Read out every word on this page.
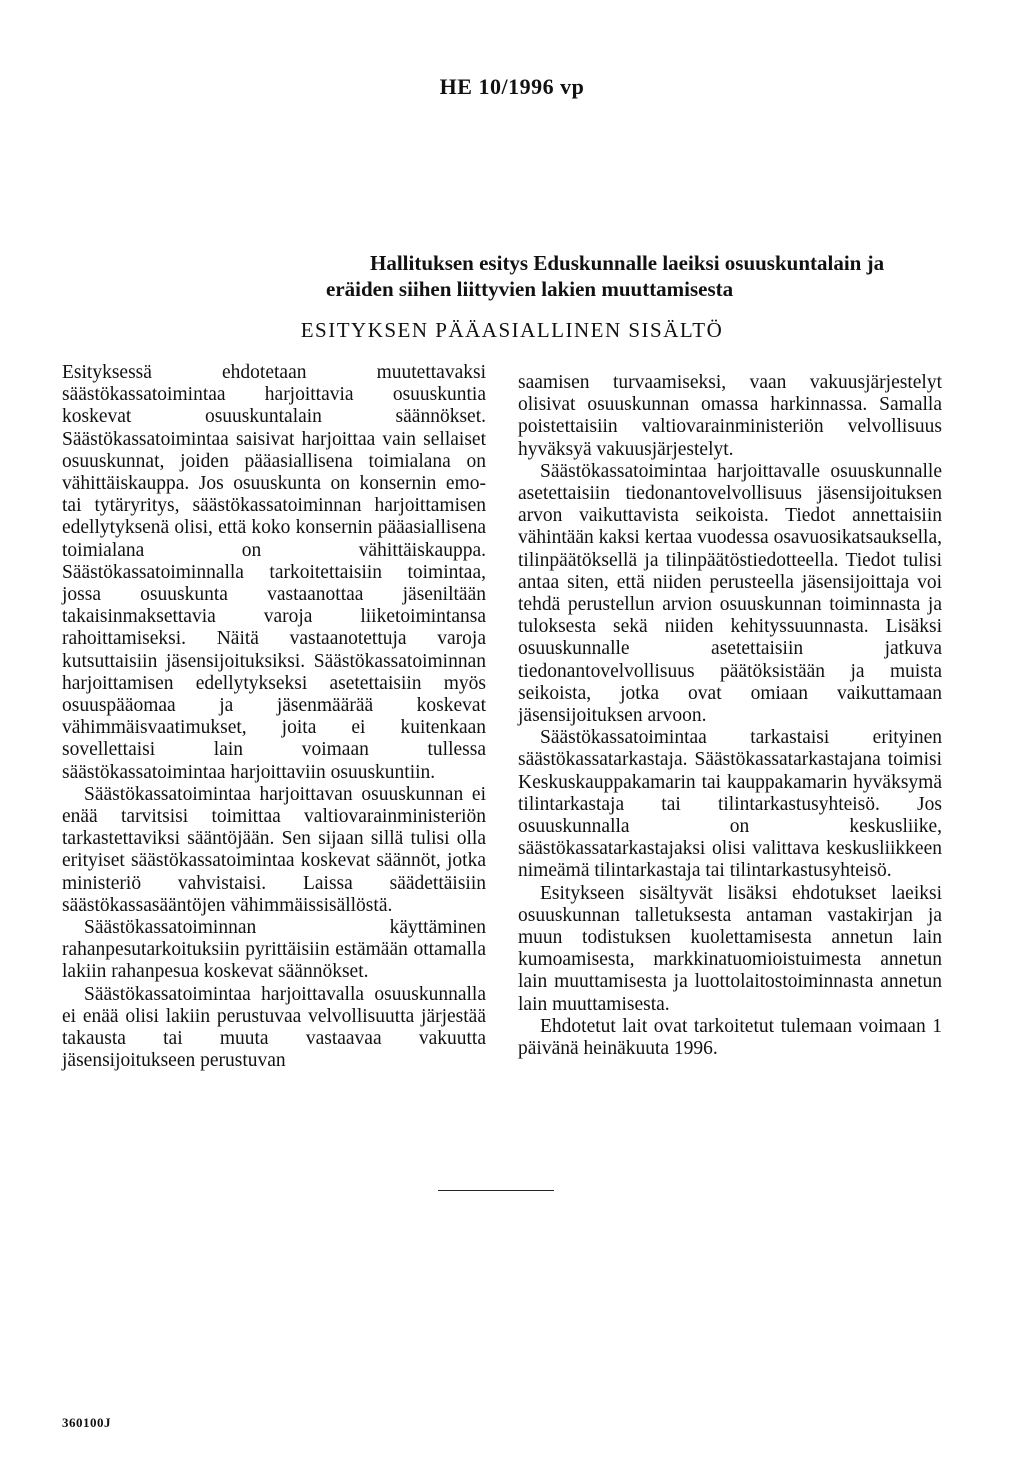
HE 10/1996 vp
Hallituksen esitys Eduskunnalle laeiksi osuuskuntalain ja
eräiden siihen liittyvien lakien muuttamisesta
ESITYKSEN PÄÄASIALLINEN SISÄLTÖ

Esityksessä ehdotetaan muutettavaksi säästökassatoimintaa harjoittavia osuuskuntia koskevat osuuskuntalain säännökset. Säästökassatoimintaa saisivat harjoittaa vain sellaiset osuuskunnat, joiden pääasiallisena toimialana on vähittäiskauppa. Jos osuuskunta on konsernin emo- tai tytäryritys, säästökassatoiminnan harjoittamisen edellytyksenä olisi, että koko konsernin pääasiallisena toimialana on vähittäiskauppa. Säästökassatoiminnalla tarkoitettaisiin toimintaa, jossa osuuskunta vastaanottaa jäseniltään takaisinmaksettavia varoja liiketoimintansa rahoittamiseksi. Näitä vastaanotettuja varoja kutsuttaisiin jäsensijoituksiksi. Säästökassatoiminnan harjoittamisen edellytykseksi asetettaisiin myös osuuspääomaa ja jäsenmäärää koskevat vähimmäisvaatimukset, joita ei kuitenkaan sovellettaisi lain voimaan tullessa säästökassatoimintaa harjoittaviin osuuskuntiin.

Säästökassatoimintaa harjoittavan osuuskunnan ei enää tarvitsisi toimittaa valtiovarainministeriön tarkastettaviksi sääntöjään. Sen sijaan sillä tulisi olla erityiset säästökassatoimintaa koskevat säännöt, jotka ministeriö vahvistaisi. Laissa säädettäisiin säästökassasääntöjen vähimmäissisällöstä.

Säästökassatoiminnan käyttäminen rahanpesutarkoituksiin pyrittäisiin estämään ottamalla lakiin rahanpesua koskevat säännökset.

Säästökassatoimintaa harjoittavalla osuuskunnalla ei enää olisi lakiin perustuvaa velvollisuutta järjestää takausta tai muuta vastaavaa vakuutta jäsensijoitukseen perustuvan

saamisen turvaamiseksi, vaan vakuusjärjestelyt olisivat osuuskunnan omassa harkinnassa. Samalla poistettaisiin valtiovarainministeriön velvollisuus hyväksyä vakuusjärjestelyt.

Säästökassatoimintaa harjoittavalle osuuskunnalle asetettaisiin tiedonantovelvollisuus jäsensijoituksen arvon vaikuttavista seikoista. Tiedot annettaisiin vähintään kaksi kertaa vuodessa osavuosikatsauksella, tilinpäätöksellä ja tilinpäätöstiedotteella. Tiedot tulisi antaa siten, että niiden perusteella jäsensijoittaja voi tehdä perustellun arvion osuuskunnan toiminnasta ja tuloksesta sekä niiden kehityssuunnasta. Lisäksi osuuskunnalle asetettaisiin jatkuva tiedonantovelvollisuus päätöksistään ja muista seikoista, jotka ovat omiaan vaikuttamaan jäsensijoituksen arvoon.

Säästökassatoimintaa tarkastaisi erityinen säästökassatarkastaja. Säästökassatarkastajana toimisi Keskuskauppakamarin tai kauppakamarin hyväksymä tilintarkastaja tai tilintarkastusyhteisö. Jos osuuskunnalla on keskusliike, säästökassatarkastajaksi olisi valittava keskusliikkeen nimeämä tilintarkastaja tai tilintarkastusyhteisö.

Esitykseen sisältyvät lisäksi ehdotukset laeiksi osuuskunnan talletuksesta antaman vastakirjan ja muun todistuksen kuolettamisesta annetun lain kumoamisesta, markkinatuomioistuimesta annetun lain muuttamisesta ja luottolaitostoiminnasta annetun lain muuttamisesta.

Ehdotetut lait ovat tarkoitetut tulemaan voimaan 1 päivänä heinäkuuta 1996.

360100J
